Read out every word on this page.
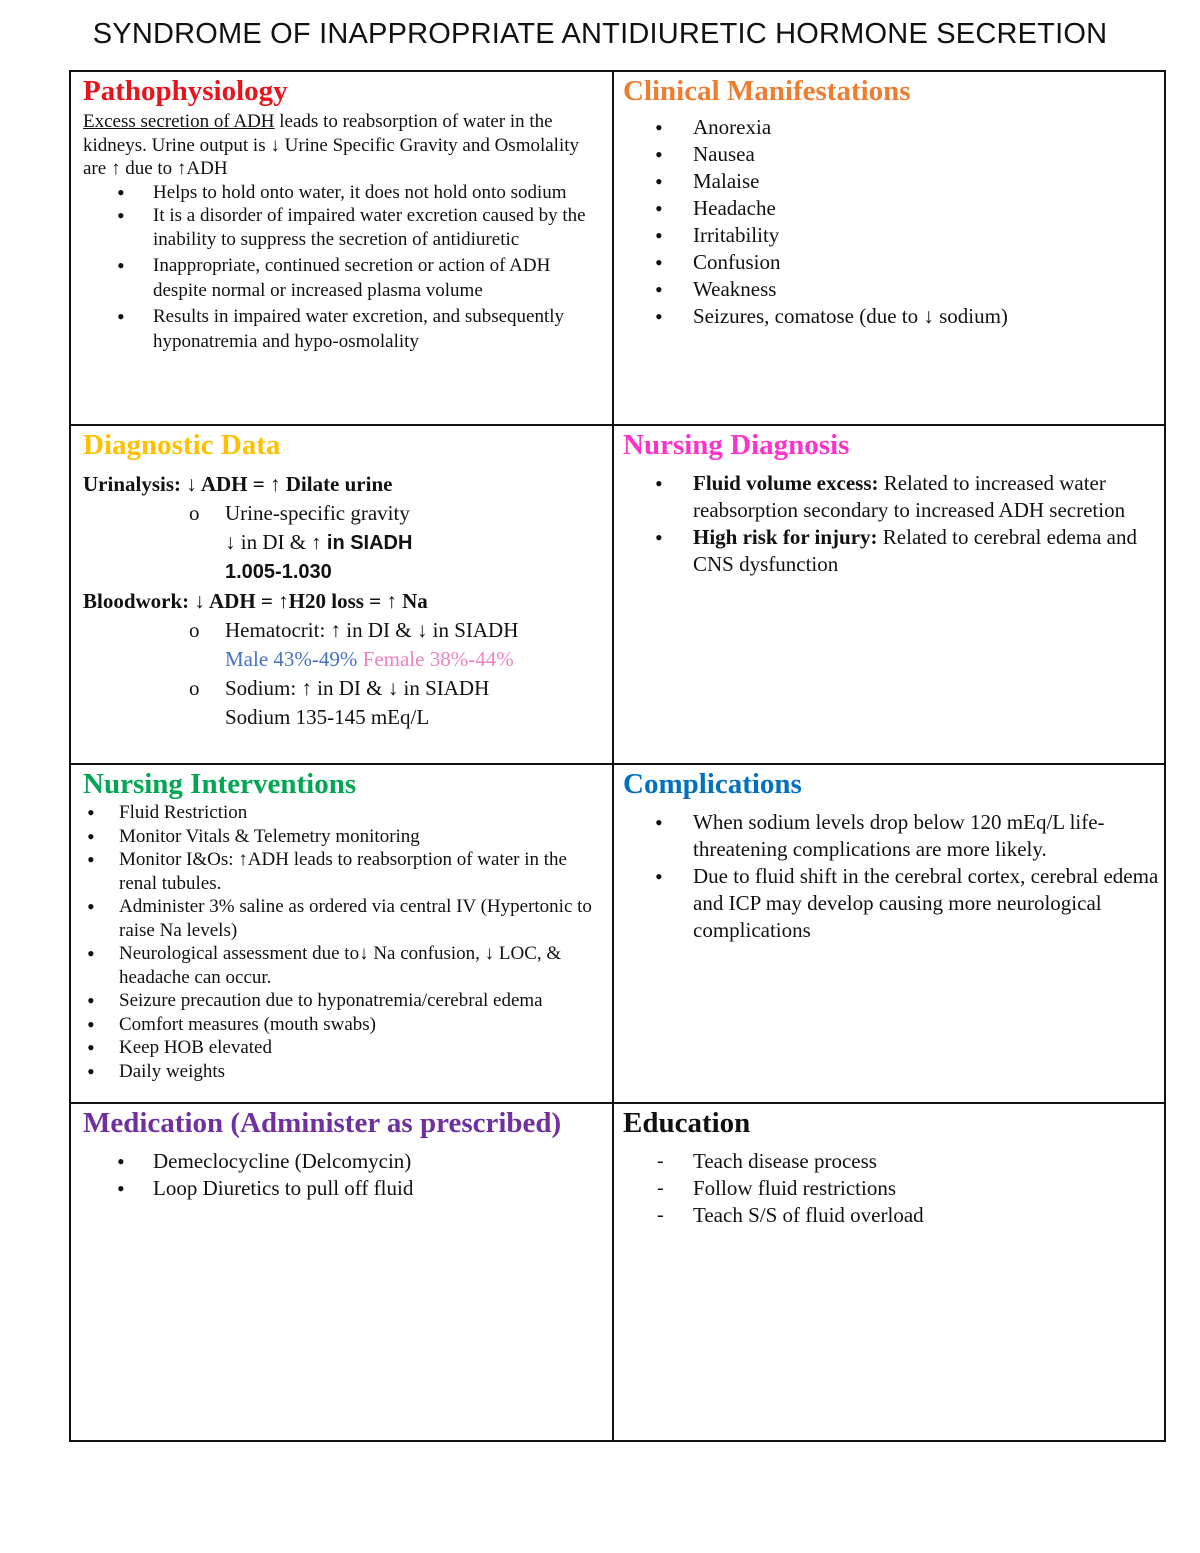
SYNDROME OF INAPPROPRIATE ANTIDIURETIC HORMONE SECRETION
Pathophysiology
Excess secretion of ADH leads to reabsorption of water in the kidneys. Urine output is ↓ Urine Specific Gravity and Osmolality are ↑ due to ↑ADH
• Helps to hold onto water, it does not hold onto sodium
• It is a disorder of impaired water excretion caused by the inability to suppress the secretion of antidiuretic
• Inappropriate, continued secretion or action of ADH despite normal or increased plasma volume
• Results in impaired water excretion, and subsequently hyponatremia and hypo-osmolality
Clinical Manifestations
• Anorexia
• Nausea
• Malaise
• Headache
• Irritability
• Confusion
• Weakness
• Seizures, comatose (due to ↓ sodium)
Diagnostic Data
Urinalysis: ↓ ADH = ↑ Dilate urine
o	Urine-specific gravity
↓ in DI & ↑ in SIADH
1.005-1.030
Bloodwork: ↓ ADH = ↑H20 loss = ↑ Na
o	Hematocrit: ↑ in DI & ↓ in SIADH
Male 43%-49% Female 38%-44%
o	Sodium: ↑ in DI & ↓ in SIADH
Sodium 135-145 mEq/L
Nursing Diagnosis
• Fluid volume excess: Related to increased water reabsorption secondary to increased ADH secretion
• High risk for injury: Related to cerebral edema and CNS dysfunction
Nursing Interventions
• Fluid Restriction
• Monitor Vitals & Telemetry monitoring
• Monitor I&Os: ↑ADH leads to reabsorption of water in the renal tubules.
• Administer 3% saline as ordered via central IV (Hypertonic to raise Na levels)
• Neurological assessment due to↓ Na confusion, ↓ LOC, & headache can occur.
• Seizure precaution due to hyponatremia/cerebral edema
• Comfort measures (mouth swabs)
• Keep HOB elevated
• Daily weights
Complications
• When sodium levels drop below 120 mEq/L life-threatening complications are more likely.
• Due to fluid shift in the cerebral cortex, cerebral edema and ICP may develop causing more neurological complications
Medication (Administer as prescribed)
• Demeclocycline (Delcomycin)
• Loop Diuretics to pull off fluid
Education
- Teach disease process
- Follow fluid restrictions
- Teach S/S of fluid overload
